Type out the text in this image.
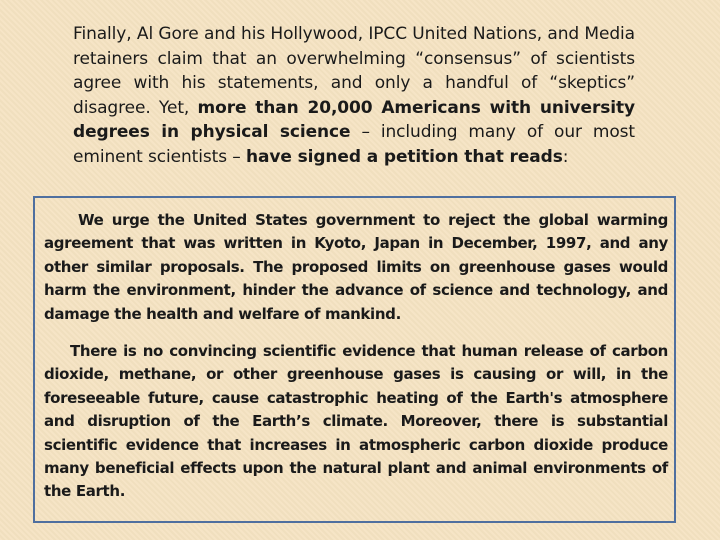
Finally, Al Gore and his Hollywood, IPCC United Nations, and Media retainers claim that an overwhelming “consensus” of scientists agree with his statements, and only a handful of “skeptics” disagree. Yet, more than 20,000 Americans with university degrees in physical science – including many of our most eminent scientists – have signed a petition that reads:

We urge the United States government to reject the global warming agreement that was written in Kyoto, Japan in December, 1997, and any other similar proposals. The proposed limits on greenhouse gases would harm the environment, hinder the advance of science and technology, and damage the health and welfare of mankind.

There is no convincing scientific evidence that human release of carbon dioxide, methane, or other greenhouse gases is causing or will, in the foreseeable future, cause catastrophic heating of the Earth's atmosphere and disruption of the Earth’s climate. Moreover, there is substantial scientific evidence that increases in atmospheric carbon dioxide produce many beneficial effects upon the natural plant and animal environments of the Earth.
